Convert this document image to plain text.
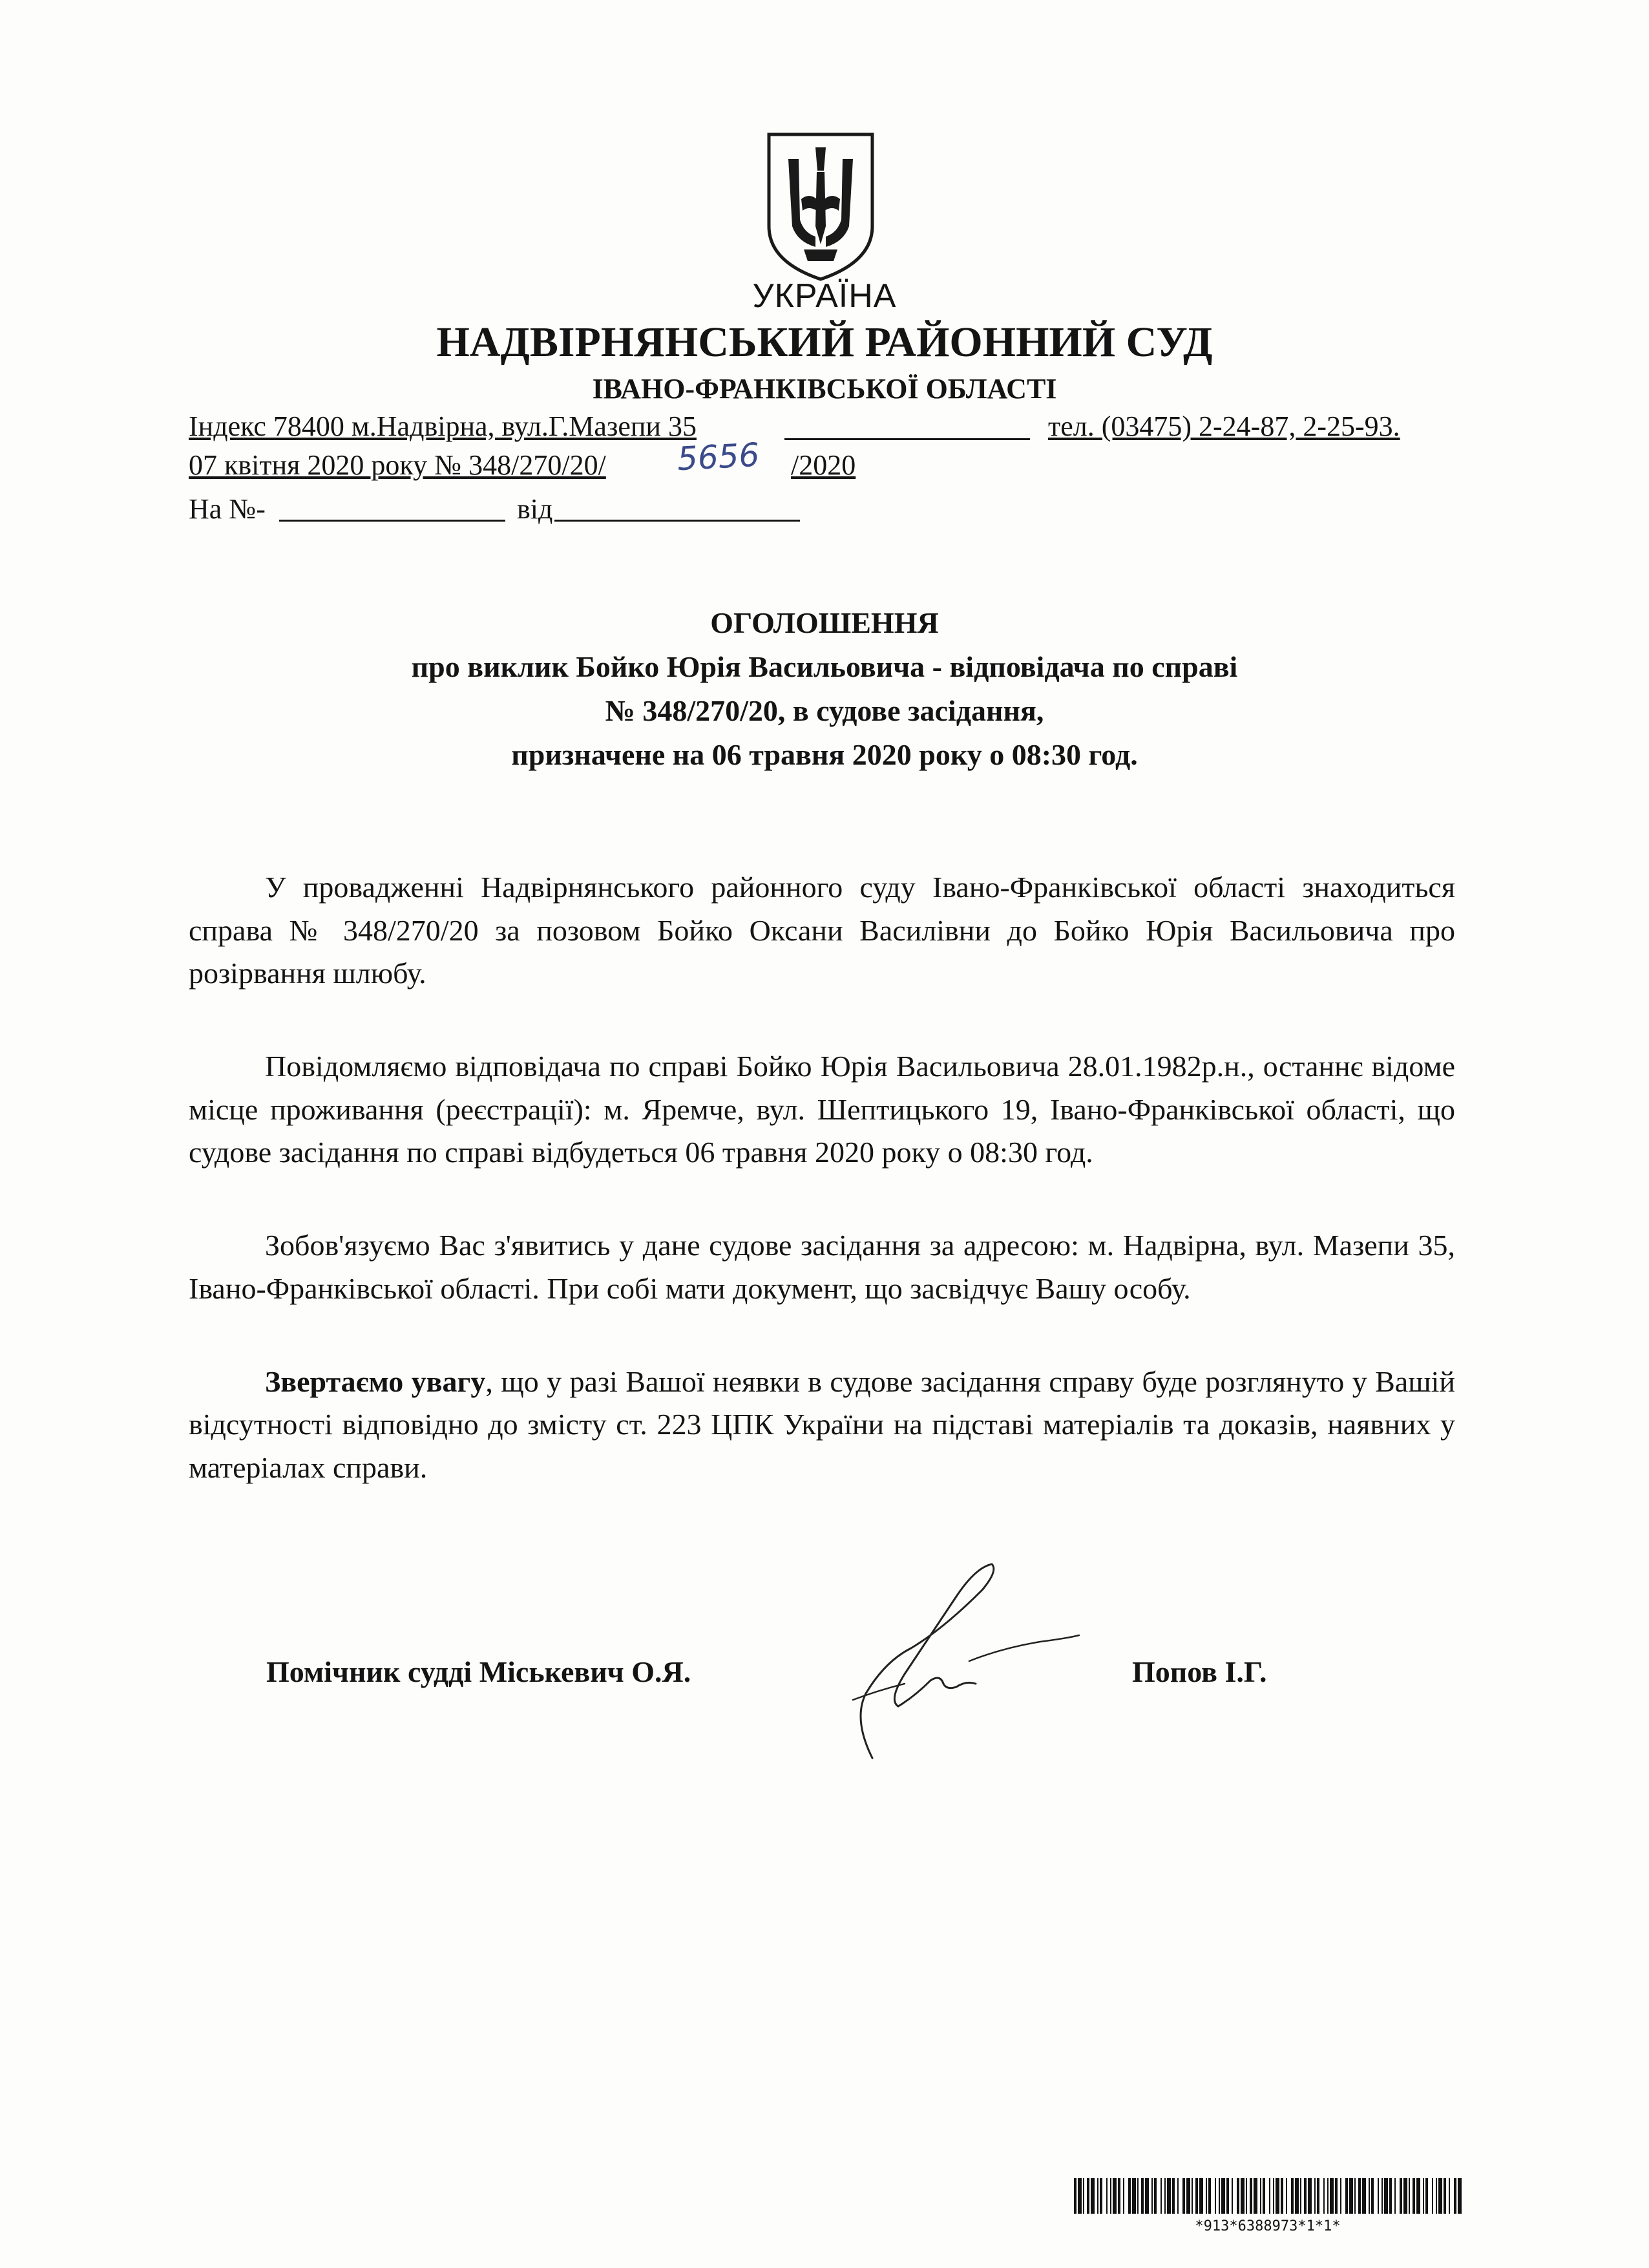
УКРАЇНА
НАДВІРНЯНСЬКИЙ РАЙОННИЙ СУД
ІВАНО-ФРАНКІВСЬКОЇ ОБЛАСТІ
Індекс 78400 м.Надвірна, вул.Г.Мазепи 35	тел. (03475) 2-24-87, 2-25-93.
07 квітня 2020 року № 348/270/20/ 5656 /2020
На №-	від
ОГОЛОШЕННЯ
про виклик Бойко Юрія Васильовича - відповідача по справі
№ 348/270/20, в судове засідання,
призначене на 06 травня 2020 року о 08:30 год.

У провадженні Надвірнянського районного суду Івано-Франківської області знаходиться справа № 348/270/20 за позовом Бойко Оксани Василівни до Бойко Юрія Васильовича про розірвання шлюбу.

Повідомляємо відповідача по справі Бойко Юрія Васильовича 28.01.1982р.н., останнє відоме місце проживання (реєстрації): м. Яремче, вул. Шептицького 19, Івано-Франківської області, що судове засідання по справі відбудеться 06 травня 2020 року о 08:30 год.

Зобов'язуємо Вас з'явитись у дане судове засідання за адресою: м. Надвірна, вул. Мазепи 35, Івано-Франківської області. При собі мати документ, що засвідчує Вашу особу.

Звертаємо увагу, що у разі Вашої неявки в судове засідання справу буде розглянуто у Вашій відсутності відповідно до змісту ст. 223 ЦПК України на підставі матеріалів та доказів, наявних у матеріалах справи.

Помічник судді Міськевич О.Я.	Попов І.Г.
*913*6388973*1*1*
